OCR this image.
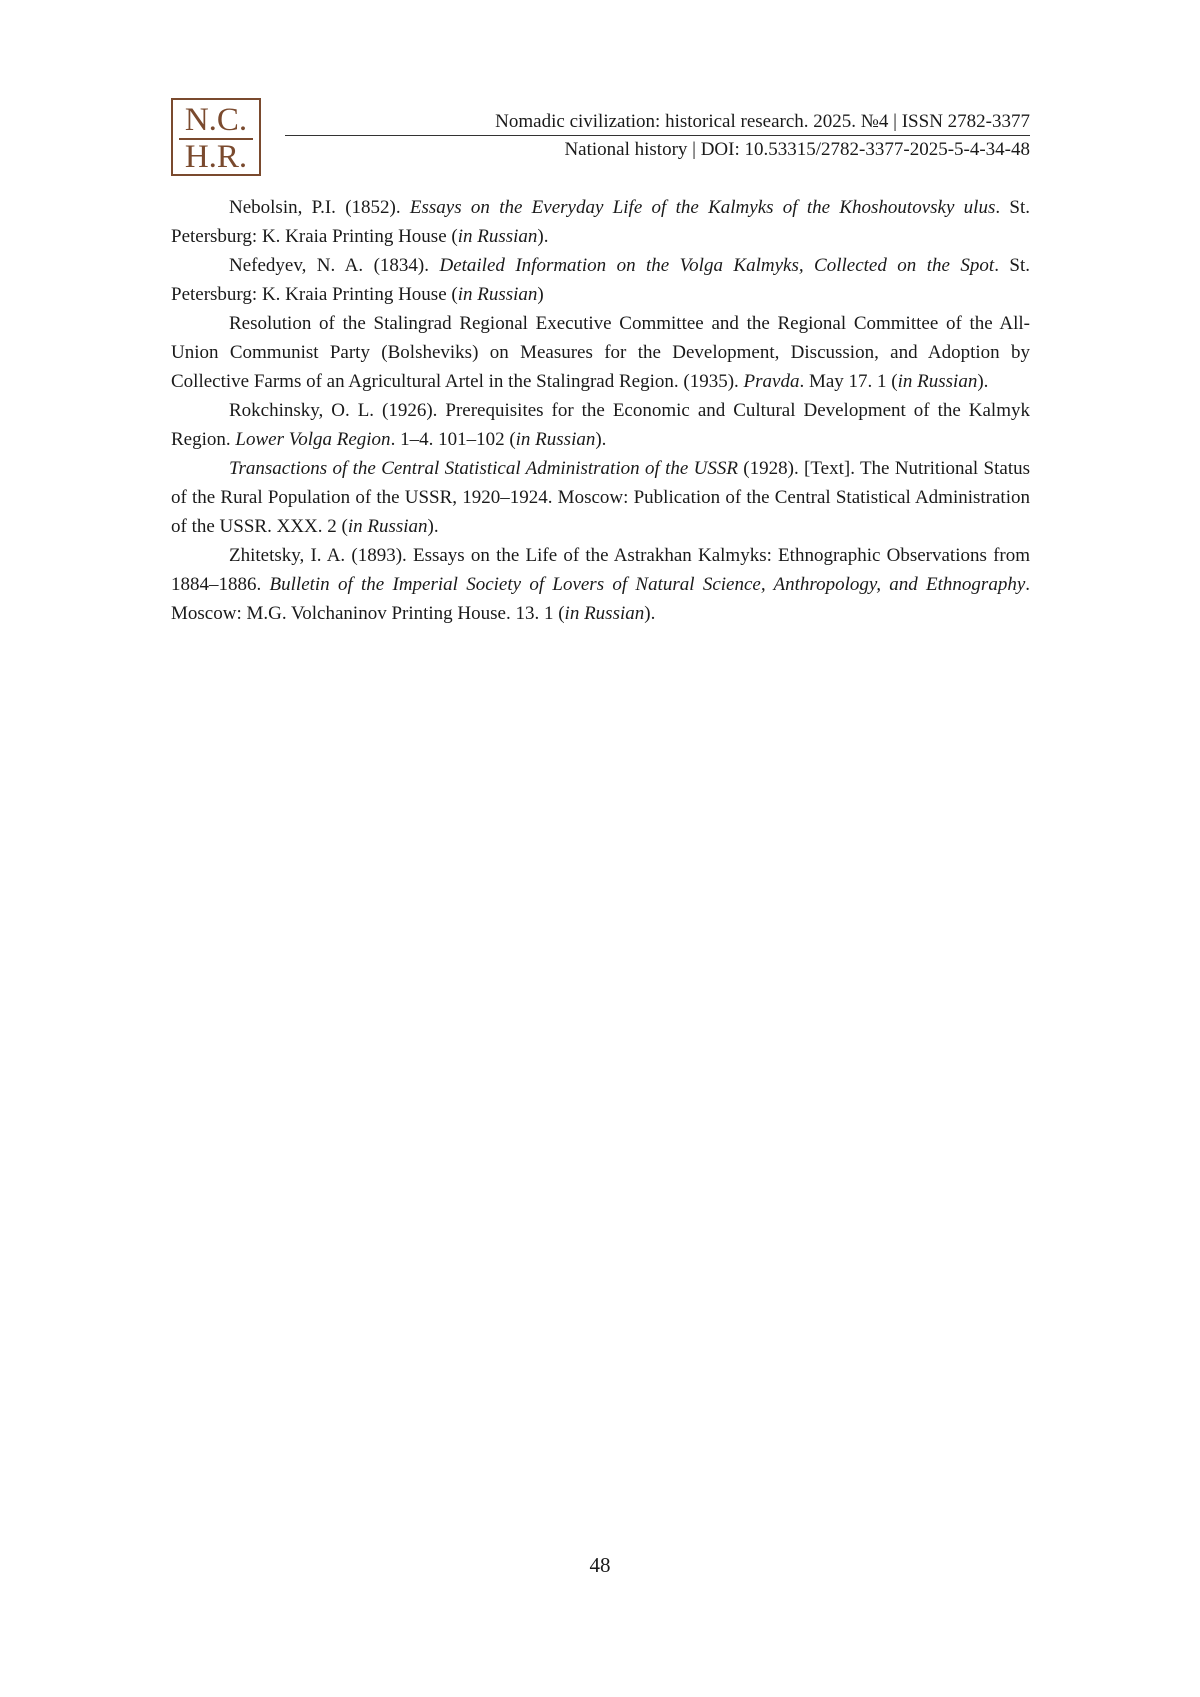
N.C.
H.R.
Nomadic civilization: historical research. 2025. №4 | ISSN 2782-3377
National history | DOI: 10.53315/2782-3377-2025-5-4-34-48

Nebolsin, P.I. (1852). Essays on the Everyday Life of the Kalmyks of the Khoshoutovsky ulus. St. Petersburg: K. Kraia Printing House (in Russian).

Nefedyev, N. A. (1834). Detailed Information on the Volga Kalmyks, Collected on the Spot. St. Petersburg: K. Kraia Printing House (in Russian)

Resolution of the Stalingrad Regional Executive Committee and the Regional Committee of the All-Union Communist Party (Bolsheviks) on Measures for the Development, Discussion, and Adoption by Collective Farms of an Agricultural Artel in the Stalingrad Region. (1935). Pravda. May 17. 1 (in Russian).

Rokchinsky, O. L. (1926). Prerequisites for the Economic and Cultural Development of the Kalmyk Region. Lower Volga Region. 1–4. 101–102 (in Russian).

Transactions of the Central Statistical Administration of the USSR (1928). [Text]. The Nutritional Status of the Rural Population of the USSR, 1920–1924. Moscow: Publication of the Central Statistical Administration of the USSR. XXX. 2 (in Russian).

Zhitetsky, I. A. (1893). Essays on the Life of the Astrakhan Kalmyks: Ethnographic Observations from 1884–1886. Bulletin of the Imperial Society of Lovers of Natural Science, Anthropology, and Ethnography. Moscow: M.G. Volchaninov Printing House. 13. 1 (in Russian).

48
